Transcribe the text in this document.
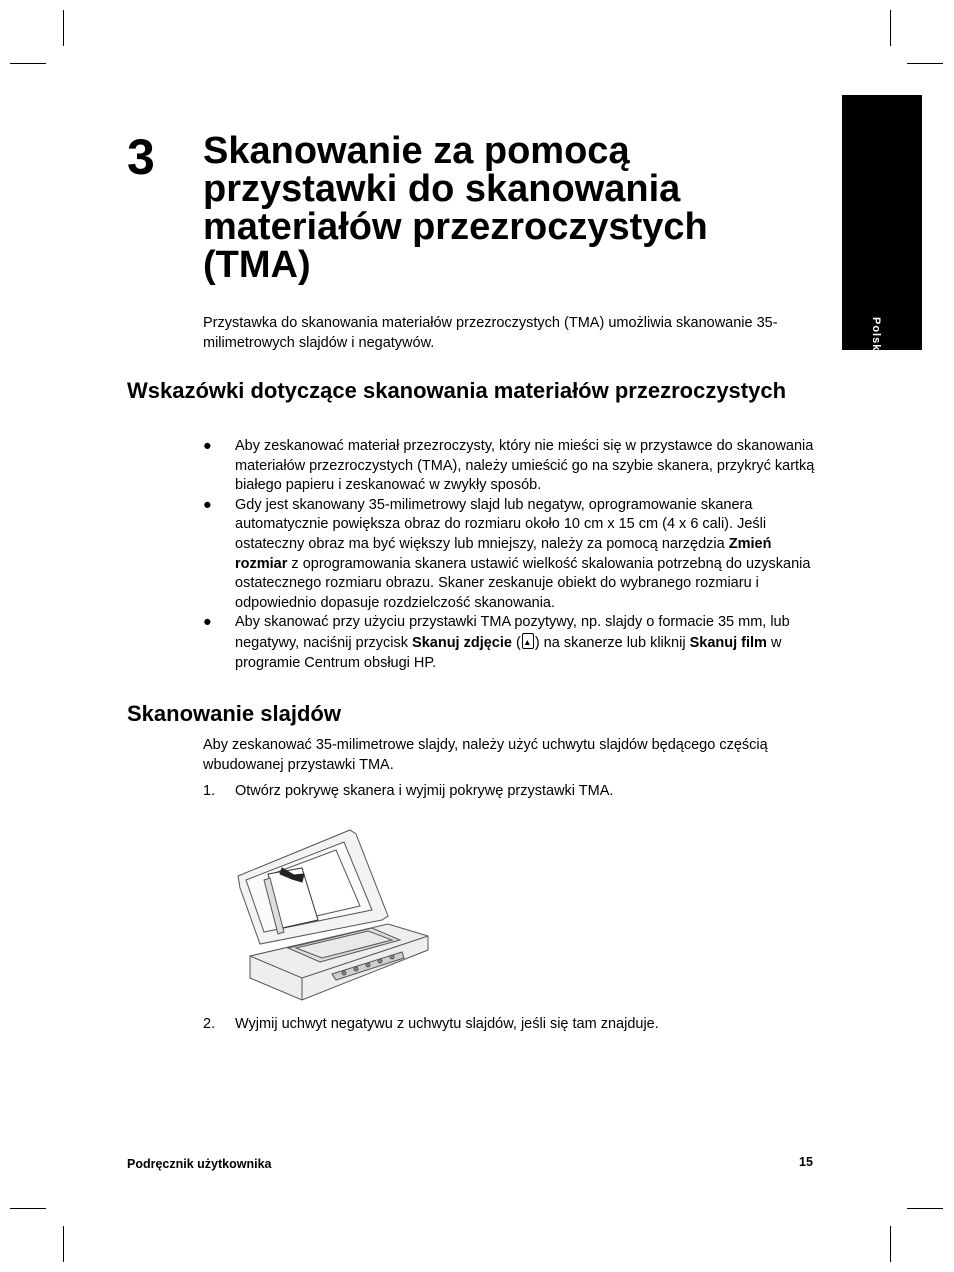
Polski
3 Skanowanie za pomocą przystawki do skanowania materiałów przezroczystych (TMA)

Przystawka do skanowania materiałów przezroczystych (TMA) umożliwia skanowanie 35-milimetrowych slajdów i negatywów.

Wskazówki dotyczące skanowania materiałów przezroczystych
●	Aby zeskanować materiał przezroczysty, który nie mieści się w przystawce do skanowania materiałów przezroczystych (TMA), należy umieścić go na szybie skanera, przykryć kartką białego papieru i zeskanować w zwykły sposób.
●	Gdy jest skanowany 35-milimetrowy slajd lub negatyw, oprogramowanie skanera automatycznie powiększa obraz do rozmiaru około 10 cm x 15 cm (4 x 6 cali). Jeśli ostateczny obraz ma być większy lub mniejszy, należy za pomocą narzędzia Zmień rozmiar z oprogramowania skanera ustawić wielkość skalowania potrzebną do uzyskania ostatecznego rozmiaru obrazu. Skaner zeskanuje obiekt do wybranego rozmiaru i odpowiednio dopasuje rozdzielczość skanowania.
●	Aby skanować przy użyciu przystawki TMA pozytywy, np. slajdy o formacie 35 mm, lub negatywy, naciśnij przycisk Skanuj zdjęcie ( ) na skanerze lub kliknij Skanuj film w programie Centrum obsługi HP.
Skanowanie slajdów

Aby zeskanować 35-milimetrowe slajdy, należy użyć uchwytu slajdów będącego częścią wbudowanej przystawki TMA.

1. Otwórz pokrywę skanera i wyjmij pokrywę przystawki TMA.
2. Wyjmij uchwyt negatywu z uchwytu slajdów, jeśli się tam znajduje.
Podręcznik użytkownika	15
